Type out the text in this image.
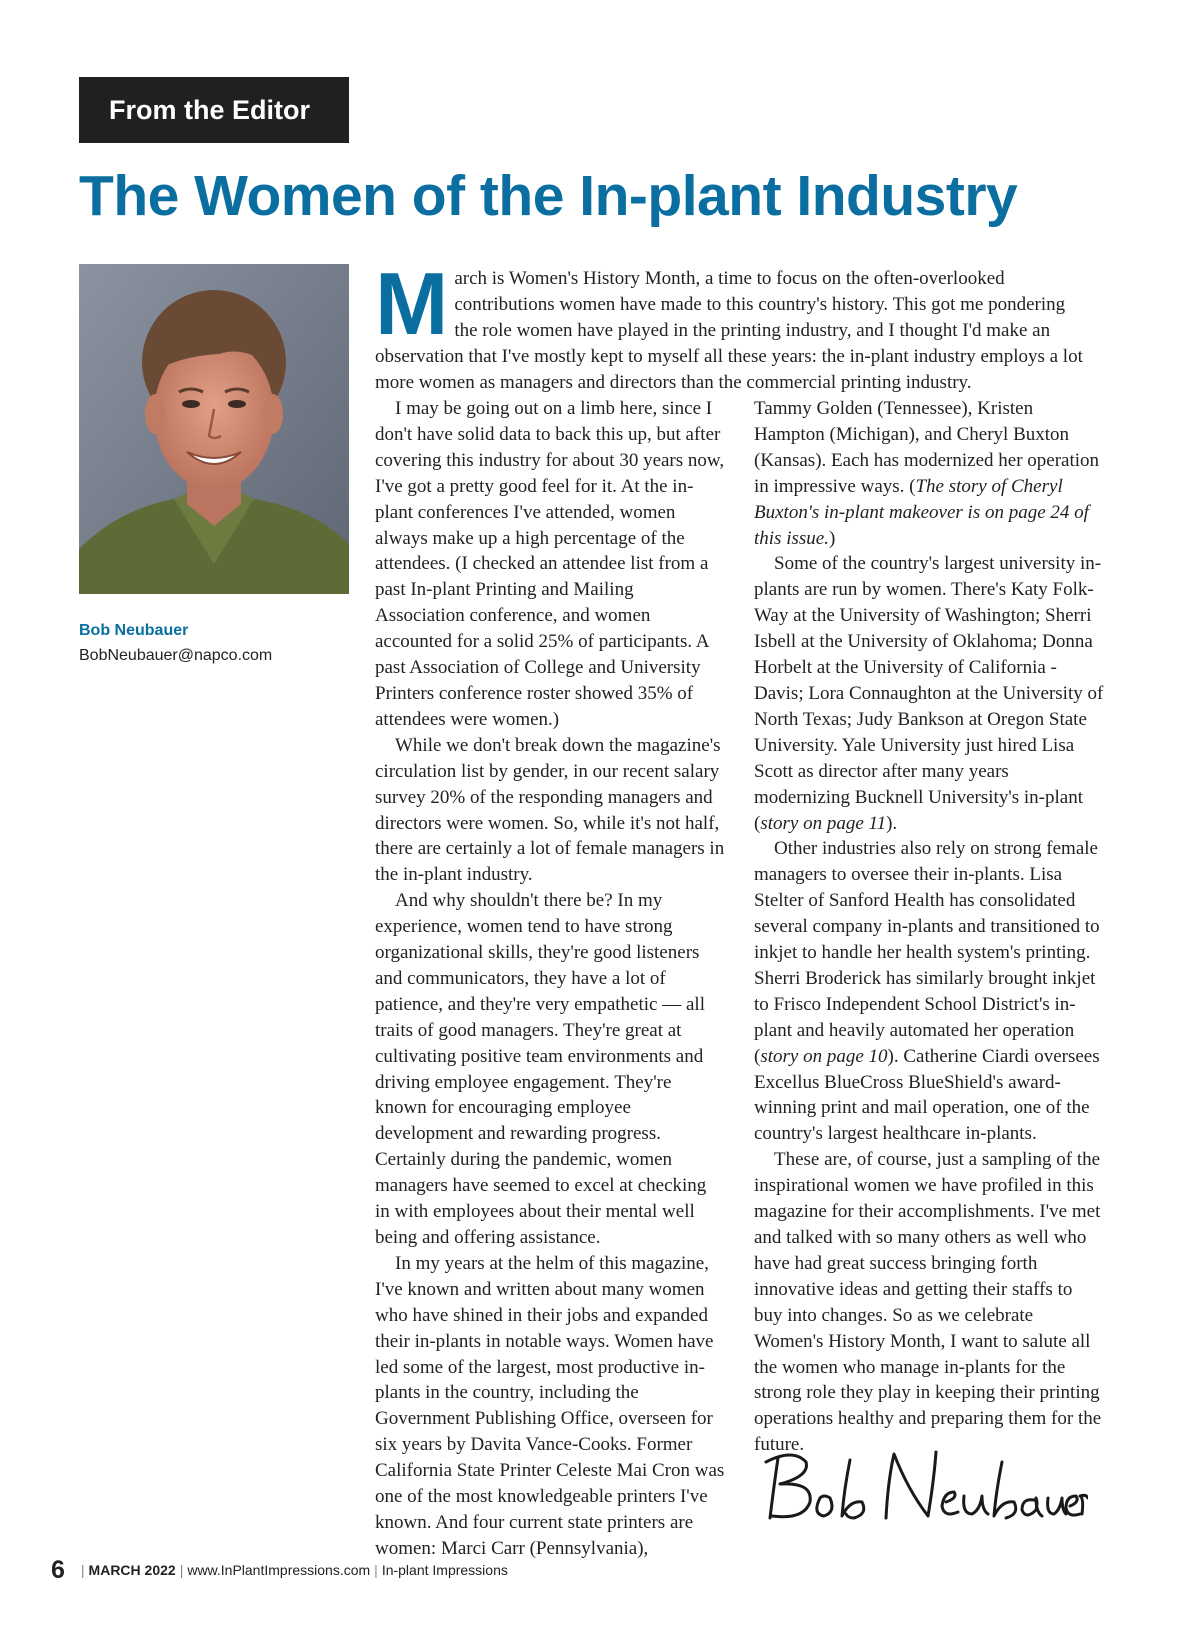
From the Editor
The Women of the In-plant Industry
Bob Neubauer
BobNeubauer@napco.com

March is Women's History Month, a time to focus on the often-overlooked contributions women have made to this country's history. This got me pondering the role women have played in the printing industry, and I thought I'd make an observation that I've mostly kept to myself all these years: the in-plant industry employs a lot more women as managers and directors than the commercial printing industry.

I may be going out on a limb here, since I don't have solid data to back this up, but after covering this industry for about 30 years now, I've got a pretty good feel for it. At the in-plant conferences I've attended, women always make up a high percentage of the attendees. (I checked an attendee list from a past In-plant Printing and Mailing Association conference, and women accounted for a solid 25% of participants. A past Association of College and University Printers conference roster showed 35% of attendees were women.)

While we don't break down the magazine's circulation list by gender, in our recent salary survey 20% of the responding managers and directors were women. So, while it's not half, there are certainly a lot of female managers in the in-plant industry.

And why shouldn't there be? In my experience, women tend to have strong organizational skills, they're good listeners and communicators, they have a lot of patience, and they're very empathetic — all traits of good managers. They're great at cultivating positive team environments and driving employee engagement. They're known for encouraging employee development and rewarding progress. Certainly during the pandemic, women managers have seemed to excel at checking in with employees about their mental well being and offering assistance.

In my years at the helm of this magazine, I've known and written about many women who have shined in their jobs and expanded their in-plants in notable ways. Women have led some of the largest, most productive in-plants in the country, including the Government Publishing Office, overseen for six years by Davita Vance-Cooks. Former California State Printer Celeste Mai Cron was one of the most knowledgeable printers I've known. And four current state printers are women: Marci Carr (Pennsylvania),

Tammy Golden (Tennessee), Kristen Hampton (Michigan), and Cheryl Buxton (Kansas). Each has modernized her operation in impressive ways. (The story of Cheryl Buxton's in-plant makeover is on page 24 of this issue.)

Some of the country's largest university in-plants are run by women. There's Katy Folk-Way at the University of Washington; Sherri Isbell at the University of Oklahoma; Donna Horbelt at the University of California - Davis; Lora Connaughton at the University of North Texas; Judy Bankson at Oregon State University. Yale University just hired Lisa Scott as director after many years modernizing Bucknell University's in-plant (story on page 11).

Other industries also rely on strong female managers to oversee their in-plants. Lisa Stelter of Sanford Health has consolidated several company in-plants and transitioned to inkjet to handle her health system's printing. Sherri Broderick has similarly brought inkjet to Frisco Independent School District's in-plant and heavily automated her operation (story on page 10). Catherine Ciardi oversees Excellus BlueCross BlueShield's award-winning print and mail operation, one of the country's largest healthcare in-plants.

These are, of course, just a sampling of the inspirational women we have profiled in this magazine for their accomplishments. I've met and talked with so many others as well who have had great success bringing forth innovative ideas and getting their staffs to buy into changes. So as we celebrate Women's History Month, I want to salute all the women who manage in-plants for the strong role they play in keeping their printing operations healthy and preparing them for the future.

6 | MARCH 2022 | www.InPlantImpressions.com | In-plant Impressions
